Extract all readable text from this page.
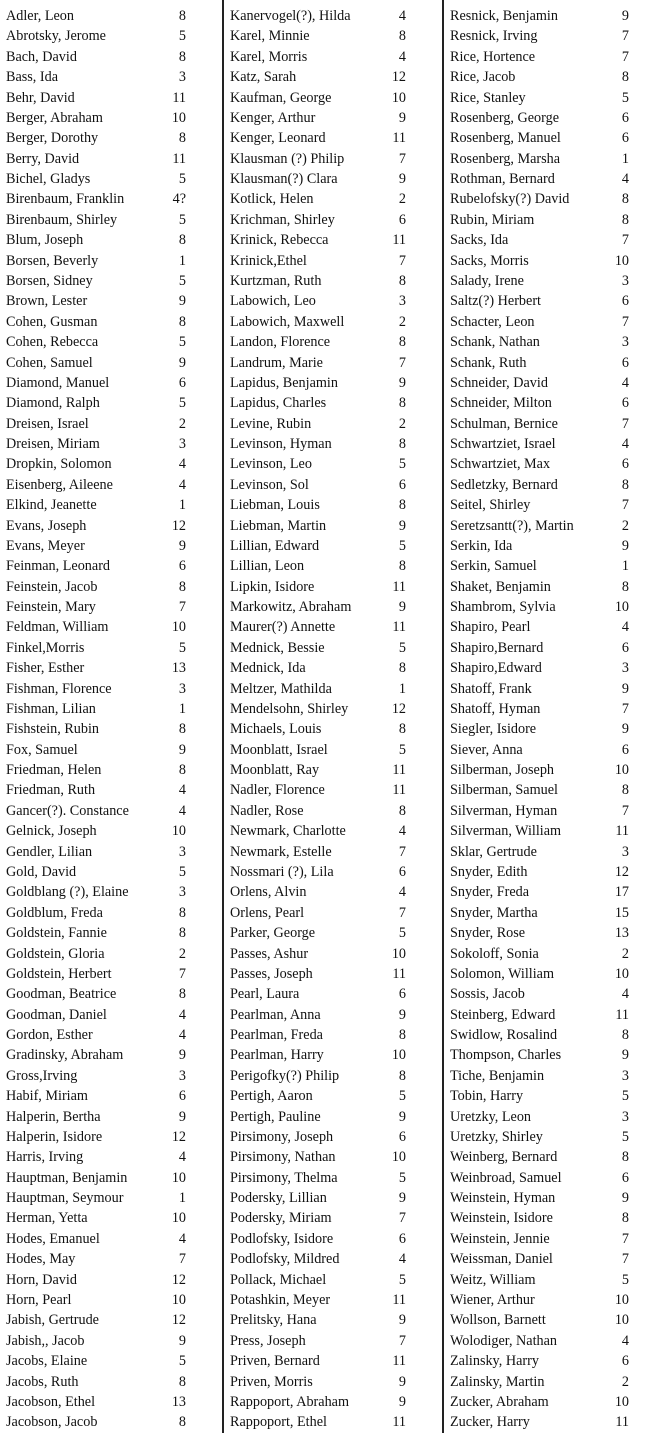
Adler, Leon	8
Abrotsky, Jerome	5
Bach, David	8
Bass, Ida	3
Behr, David	11
Berger, Abraham	10
Berger, Dorothy	8
Berry, David	11
Bichel, Gladys	5
Birenbaum, Franklin	4?
Birenbaum, Shirley	5
Blum, Joseph	8
Borsen, Beverly	1
Borsen, Sidney	5
Brown, Lester	9
Cohen, Gusman	8
Cohen, Rebecca	5
Cohen, Samuel	9
Diamond, Manuel	6
Diamond, Ralph	5
Dreisen, Israel	2
Dreisen, Miriam	3
Dropkin, Solomon	4
Eisenberg, Aileene	4
Elkind, Jeanette	1
Evans, Joseph	12
Evans, Meyer	9
Feinman, Leonard	6
Feinstein, Jacob	8
Feinstein, Mary	7
Feldman, William	10
Finkel,Morris	5
Fisher, Esther	13
Fishman, Florence	3
Fishman, Lilian	1
Fishstein, Rubin	8
Fox, Samuel	9
Friedman, Helen	8
Friedman, Ruth	4
Gancer(?). Constance	4
Gelnick, Joseph	10
Gendler, Lilian	3
Gold, David	5
Goldblang (?), Elaine	3
Goldblum, Freda	8
Goldstein, Fannie	8
Goldstein, Gloria	2
Goldstein, Herbert	7
Goodman, Beatrice	8
Goodman, Daniel	4
Gordon, Esther	4
Gradinsky, Abraham	9
Gross,Irving	3
Habif, Miriam	6
Halperin, Bertha	9
Halperin, Isidore	12
Harris, Irving	4
Hauptman, Benjamin	10
Hauptman, Seymour	1
Herman, Yetta	10
Hodes, Emanuel	4
Hodes, May	7
Horn, David	12
Horn, Pearl	10
Jabish, Gertrude	12
Jabish,, Jacob	9
Jacobs, Elaine	5
Jacobs, Ruth	8
Jacobson, Ethel	13
Jacobson, Jacob	8
Kanervogel(?), Hilda	4
Karel, Minnie	8
Karel, Morris	4
Katz, Sarah	12
Kaufman, George	10
Kenger, Arthur	9
Kenger, Leonard	11
Klausman (?) Philip	7
Klausman(?) Clara	9
Kotlick, Helen	2
Krichman, Shirley	6
Krinick, Rebecca	11
Krinick,Ethel	7
Kurtzman, Ruth	8
Labowich, Leo	3
Labowich, Maxwell	2
Landon, Florence	8
Landrum, Marie	7
Lapidus, Benjamin	9
Lapidus, Charles	8
Levine, Rubin	2
Levinson, Hyman	8
Levinson, Leo	5
Levinson, Sol	6
Liebman, Louis	8
Liebman, Martin	9
Lillian, Edward	5
Lillian, Leon	8
Lipkin, Isidore	11
Markowitz, Abraham	9
Maurer(?) Annette	11
Mednick, Bessie	5
Mednick, Ida	8
Meltzer, Mathilda	1
Mendelsohn, Shirley	12
Michaels, Louis	8
Moonblatt, Israel	5
Moonblatt, Ray	11
Nadler, Florence	11
Nadler, Rose	8
Newmark, Charlotte	4
Newmark, Estelle	7
Nossmari (?), Lila	6
Orlens, Alvin	4
Orlens, Pearl	7
Parker, George	5
Passes, Ashur	10
Passes, Joseph	11
Pearl, Laura	6
Pearlman, Anna	9
Pearlman, Freda	8
Pearlman, Harry	10
Perigofky(?) Philip	8
Pertigh, Aaron	5
Pertigh, Pauline	9
Pirsimony, Joseph	6
Pirsimony, Nathan	10
Pirsimony, Thelma	5
Podersky, Lillian	9
Podersky, Miriam	7
Podlofsky, Isidore	6
Podlofsky, Mildred	4
Pollack, Michael	5
Potashkin, Meyer	11
Prelitsky, Hana	9
Press, Joseph	7
Priven, Bernard	11
Priven, Morris	9
Rappoport, Abraham	9
Rappoport, Ethel	11
Resnick, Benjamin	9
Resnick, Irving	7
Rice, Hortence	7
Rice, Jacob	8
Rice, Stanley	5
Rosenberg, George	6
Rosenberg, Manuel	6
Rosenberg, Marsha	1
Rothman, Bernard	4
Rubelofsky(?) David	8
Rubin, Miriam	8
Sacks, Ida	7
Sacks, Morris	10
Salady, Irene	3
Saltz(?) Herbert	6
Schacter, Leon	7
Schank, Nathan	3
Schank, Ruth	6
Schneider, David	4
Schneider, Milton	6
Schulman, Bernice	7
Schwartziet, Israel	4
Schwartziet, Max	6
Sedletzky, Bernard	8
Seitel, Shirley	7
Seretzsantt(?), Martin	2
Serkin, Ida	9
Serkin, Samuel	1
Shaket, Benjamin	8
Shambrom, Sylvia	10
Shapiro, Pearl	4
Shapiro,Bernard	6
Shapiro,Edward	3
Shatoff, Frank	9
Shatoff, Hyman	7
Siegler, Isidore	9
Siever, Anna	6
Silberman, Joseph	10
Silberman, Samuel	8
Silverman, Hyman	7
Silverman, William	11
Sklar, Gertrude	3
Snyder, Edith	12
Snyder, Freda	17
Snyder, Martha	15
Snyder, Rose	13
Sokoloff, Sonia	2
Solomon, William	10
Sossis, Jacob	4
Steinberg, Edward	11
Swidlow, Rosalind	8
Thompson, Charles	9
Tiche, Benjamin	3
Tobin, Harry	5
Uretzky, Leon	3
Uretzky, Shirley	5
Weinberg, Bernard	8
Weinbroad, Samuel	6
Weinstein, Hyman	9
Weinstein, Isidore	8
Weinstein, Jennie	7
Weissman, Daniel	7
Weitz, William	5
Wiener, Arthur	10
Wollson, Barnett	10
Wolodiger, Nathan	4
Zalinsky, Harry	6
Zalinsky, Martin	2
Zucker, Abraham	10
Zucker, Harry	11
